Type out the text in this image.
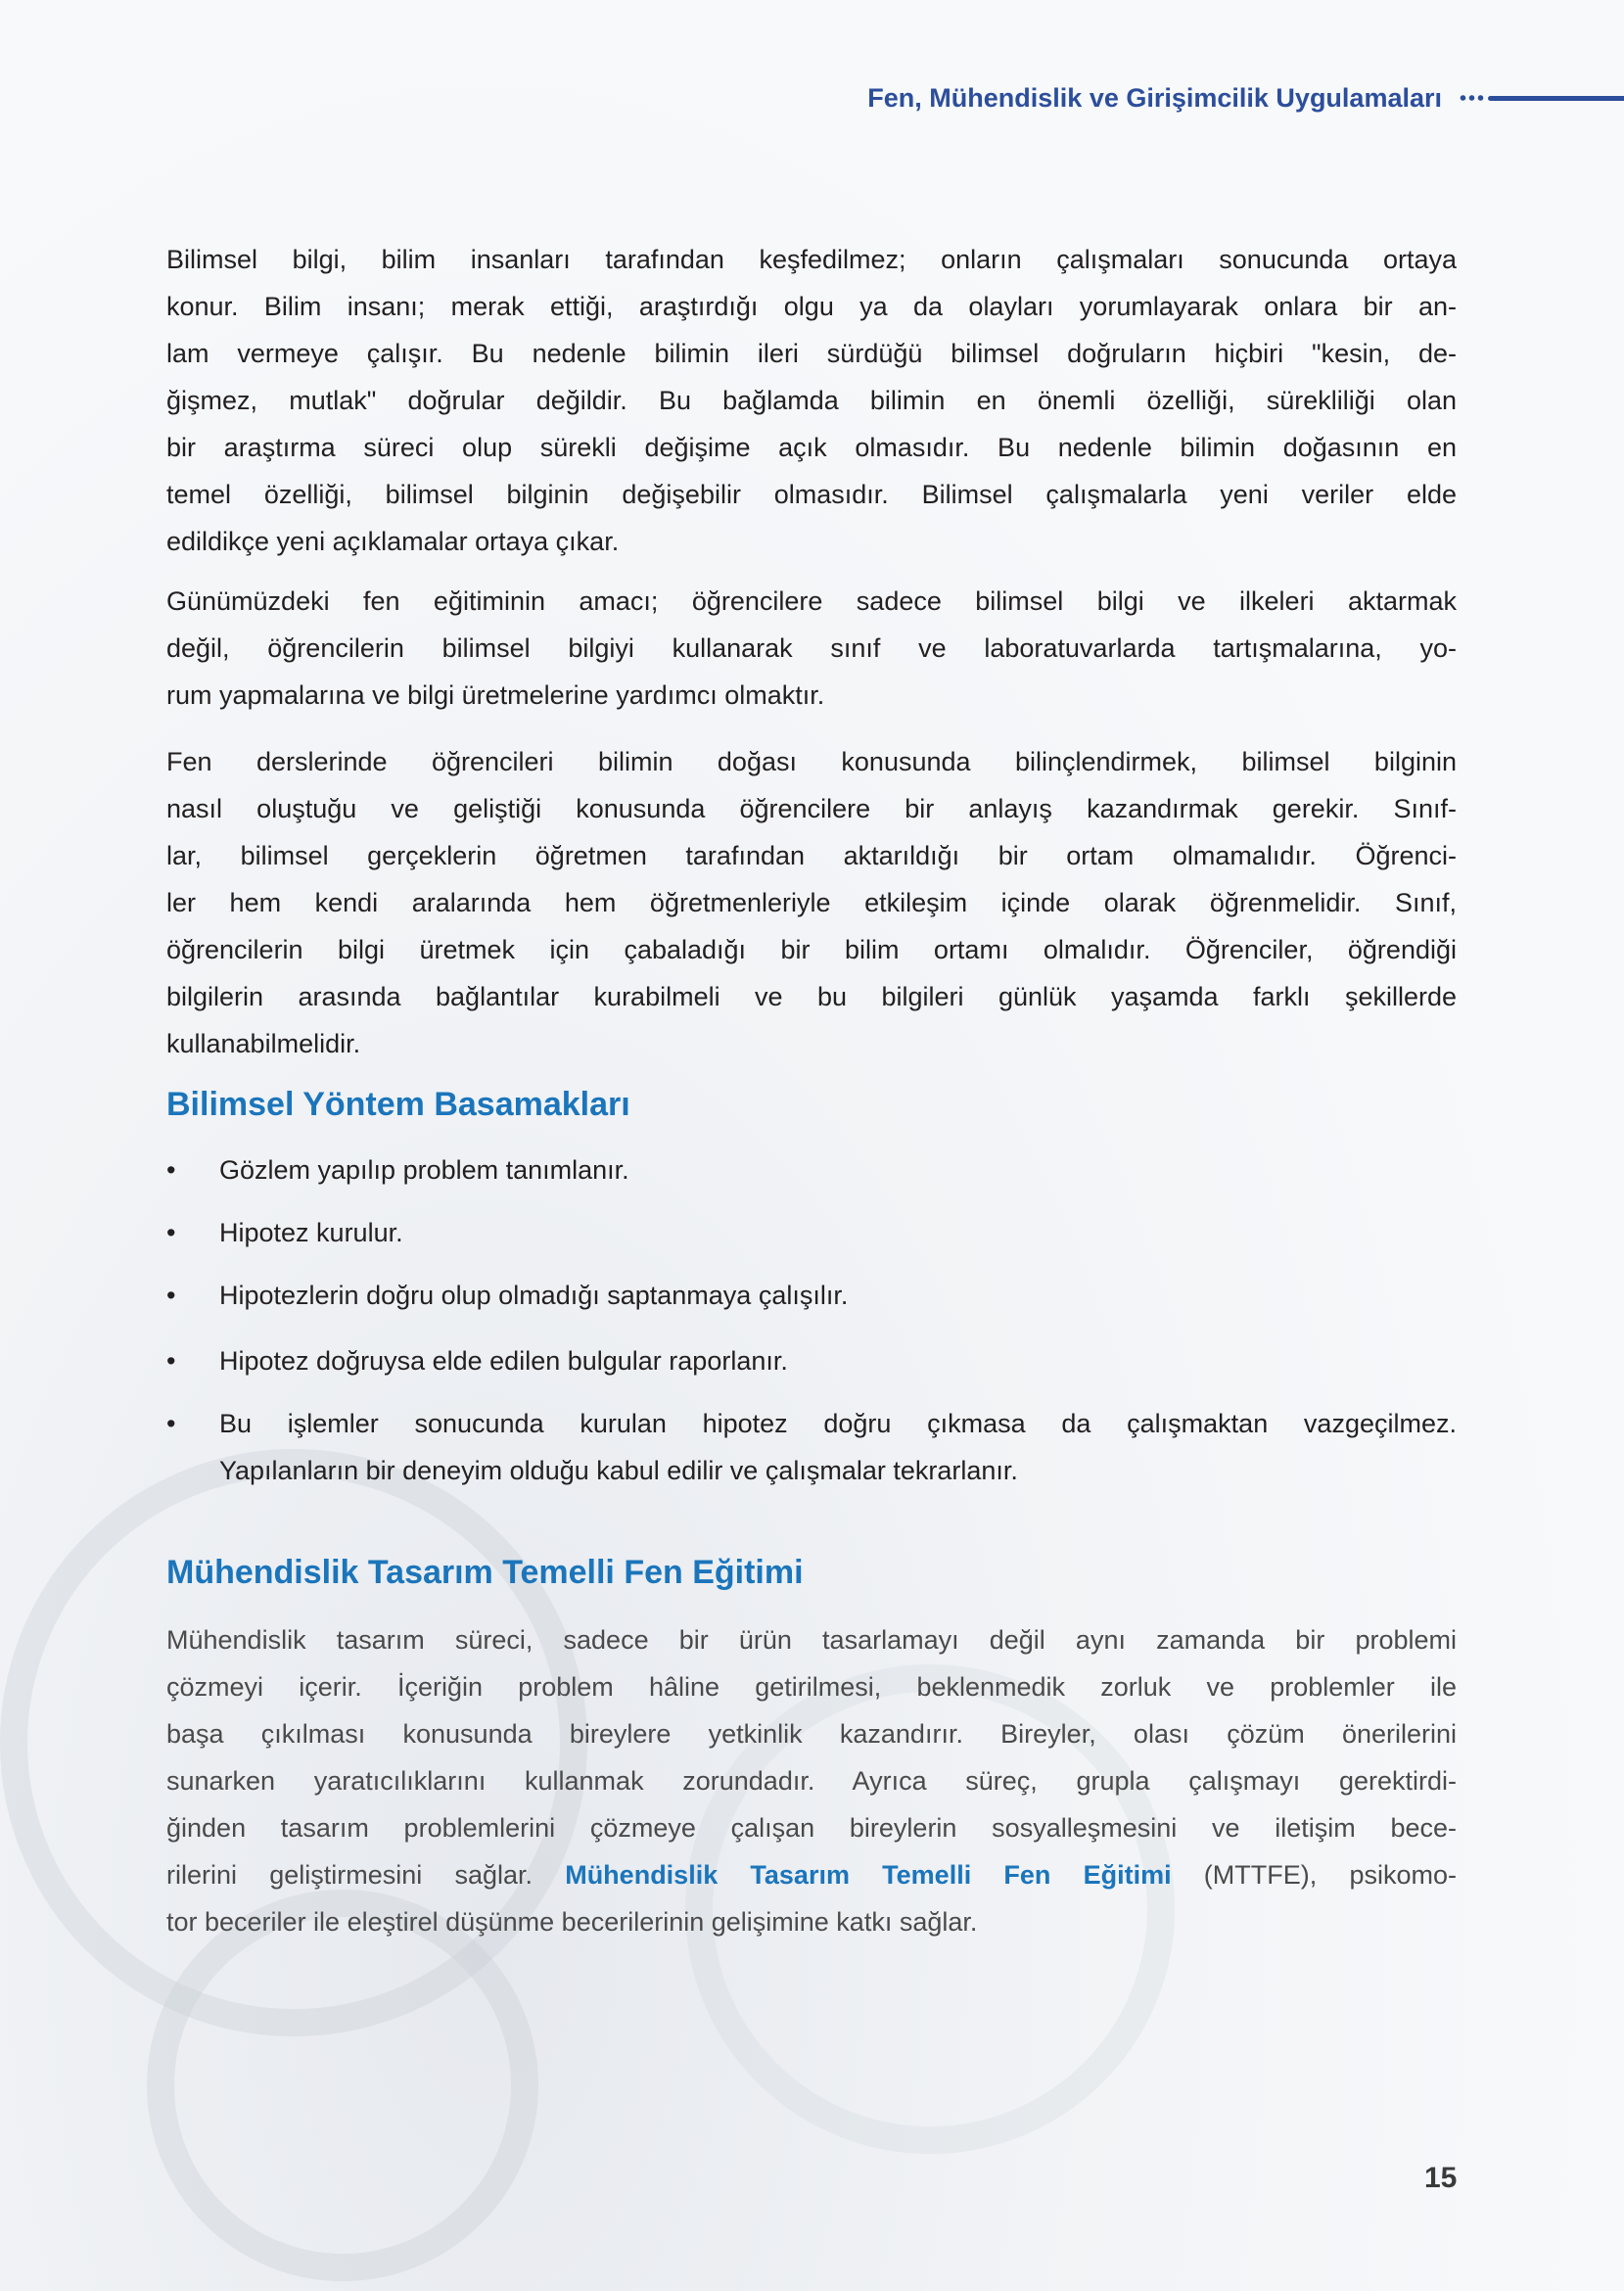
Fen, Mühendislik ve Girişimcilik Uygulamaları
Bilimsel bilgi, bilim insanları tarafından keşfedilmez; onların çalışmaları sonucunda ortaya
konur. Bilim insanı; merak ettiği, araştırdığı olgu ya da olayları yorumlayarak onlara bir an-
lam vermeye çalışır. Bu nedenle bilimin ileri sürdüğü bilimsel doğruların hiçbiri "kesin, de-
ğişmez, mutlak" doğrular değildir. Bu bağlamda bilimin en önemli özelliği, sürekliliği olan
bir araştırma süreci olup sürekli değişime açık olmasıdır. Bu nedenle bilimin doğasının en
temel özelliği, bilimsel bilginin değişebilir olmasıdır. Bilimsel çalışmalarla yeni veriler elde
edildikçe yeni açıklamalar ortaya çıkar.
Günümüzdeki fen eğitiminin amacı; öğrencilere sadece bilimsel bilgi ve ilkeleri aktarmak
değil, öğrencilerin bilimsel bilgiyi kullanarak sınıf ve laboratuvarlarda tartışmalarına, yo-
rum yapmalarına ve bilgi üretmelerine yardımcı olmaktır.
Fen derslerinde öğrencileri bilimin doğası konusunda bilinçlendirmek, bilimsel bilginin
nasıl oluştuğu ve geliştiği konusunda öğrencilere bir anlayış kazandırmak gerekir. Sınıf-
lar, bilimsel gerçeklerin öğretmen tarafından aktarıldığı bir ortam olmamalıdır. Öğrenci-
ler hem kendi aralarında hem öğretmenleriyle etkileşim içinde olarak öğrenmelidir. Sınıf,
öğrencilerin bilgi üretmek için çabaladığı bir bilim ortamı olmalıdır. Öğrenciler, öğrendiği
bilgilerin arasında bağlantılar kurabilmeli ve bu bilgileri günlük yaşamda farklı şekillerde
kullanabilmelidir.
Bilimsel Yöntem Basamakları
• Gözlem yapılıp problem tanımlanır.
• Hipotez kurulur.
• Hipotezlerin doğru olup olmadığı saptanmaya çalışılır.
• Hipotez doğruysa elde edilen bulgular raporlanır.
• Bu işlemler sonucunda kurulan hipotez doğru çıkmasa da çalışmaktan vazgeçilmez.
Yapılanların bir deneyim olduğu kabul edilir ve çalışmalar tekrarlanır.
Mühendislik Tasarım Temelli Fen Eğitimi
Mühendislik tasarım süreci, sadece bir ürün tasarlamayı değil aynı zamanda bir problemi
çözmeyi içerir. İçeriğin problem hâline getirilmesi, beklenmedik zorluk ve problemler ile
başa çıkılması konusunda bireylere yetkinlik kazandırır. Bireyler, olası çözüm önerilerini
sunarken yaratıcılıklarını kullanmak zorundadır. Ayrıca süreç, grupla çalışmayı gerektirdi-
ğinden tasarım problemlerini çözmeye çalışan bireylerin sosyalleşmesini ve iletişim bece-
rilerini geliştirmesini sağlar. Mühendislik Tasarım Temelli Fen Eğitimi (MTTFE), psikomo-
tor beceriler ile eleştirel düşünme becerilerinin gelişimine katkı sağlar.
15
